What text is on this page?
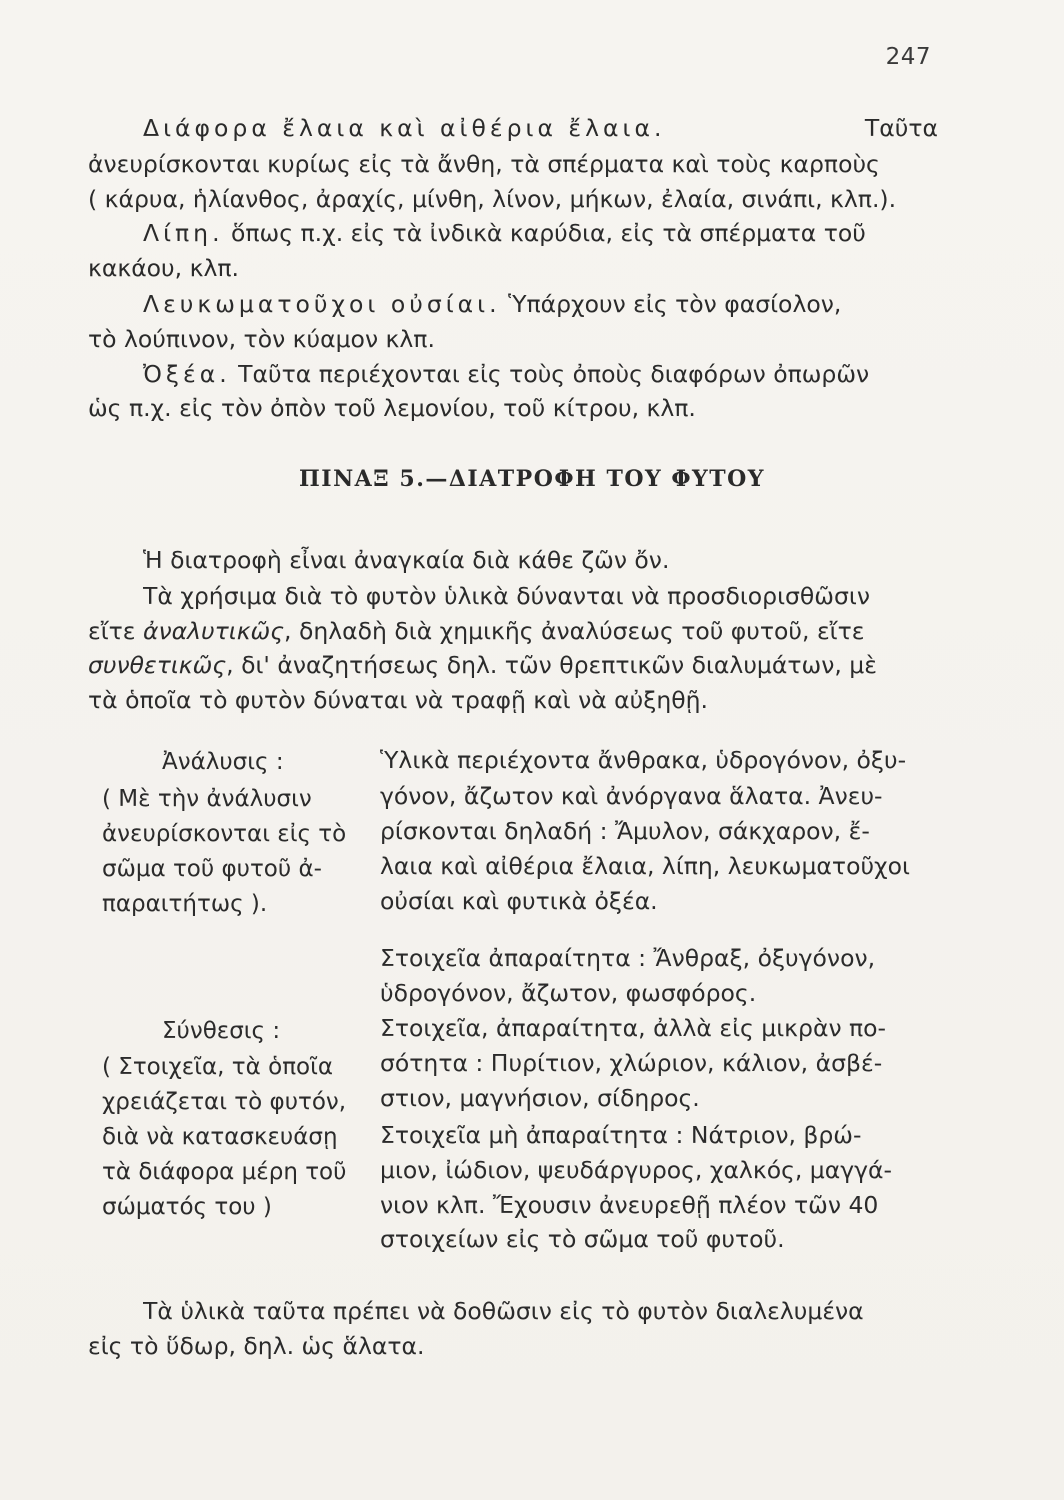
247
Διάφορα ἔλαια καὶ αἰθέρια ἔλαια.	Ταῦτα
ἀνευρίσκονται κυρίως εἰς τὰ ἄνθη, τὰ σπέρματα καὶ τοὺς καρποὺς
( κάρυα, ἡλίανθος, ἀραχίς, μίνθη, λίνον, μήκων, ἐλαία, σινάπι, κλπ.).
Λίπη. ὅπως π.χ. εἰς τὰ ἰνδικὰ καρύδια, εἰς τὰ σπέρματα τοῦ
κακάου, κλπ.
Λευκωματοῦχοι οὐσίαι. Ὑπάρχουν εἰς τὸν φασίολον,
τὸ λούπινον, τὸν κύαμον κλπ.
Ὀξέα. Ταῦτα περιέχονται εἰς τοὺς ὀποὺς διαφόρων ὀπωρῶν
ὡς π.χ. εἰς τὸν ὀπὸν τοῦ λεμονίου, τοῦ κίτρου, κλπ.
ΠΙΝΑΞ 5.—ΔΙΑΤΡΟΦΗ ΤΟΥ ΦΥΤΟΥ
Ἡ διατροφὴ εἶναι ἀναγκαία διὰ κάθε ζῶν ὄν.
Τὰ χρήσιμα διὰ τὸ φυτὸν ὑλικὰ δύνανται νὰ προσδιορισθῶσιν
εἴτε ἀναλυτικῶς, δηλαδὴ διὰ χημικῆς ἀναλύσεως τοῦ φυτοῦ, εἴτε
συνθετικῶς, δι' ἀναζητήσεως δηλ. τῶν θρεπτικῶν διαλυμάτων, μὲ
τὰ ὁποῖα τὸ φυτὸν δύναται νὰ τραφῇ καὶ νὰ αὐξηθῇ.
Ἀνάλυσις :
( Μὲ τὴν ἀνάλυσιν
ἀνευρίσκονται εἰς τὸ
σῶμα τοῦ φυτοῦ ἀ-
παραιτήτως ).
Ὑλικὰ περιέχοντα ἄνθρακα, ὑδρογόνον, ὀξυ-
γόνον, ἄζωτον καὶ ἀνόργανα ἅλατα. Ἀνευ-
ρίσκονται δηλαδή : Ἄμυλον, σάκχαρον, ἔ-
λαια καὶ αἰθέρια ἔλαια, λίπη, λευκωματοῦχοι
οὐσίαι καὶ φυτικὰ ὀξέα.
Στοιχεῖα ἀπαραίτητα : Ἄνθραξ, ὀξυγόνον,
ὑδρογόνον, ἄζωτον, φωσφόρος.
Στοιχεῖα, ἀπαραίτητα, ἀλλὰ εἰς μικρὰν πο-
σότητα : Πυρίτιον, χλώριον, κάλιον, ἀσβέ-
στιον, μαγνήσιον, σίδηρος.
Στοιχεῖα μὴ ἀπαραίτητα : Νάτριον, βρώ-
μιον, ἰώδιον, ψευδάργυρος, χαλκός, μαγγά-
νιον κλπ. Ἔχουσιν ἀνευρεθῇ πλέον τῶν 40
στοιχείων εἰς τὸ σῶμα τοῦ φυτοῦ.
Σύνθεσις :
( Στοιχεῖα, τὰ ὁποῖα
χρειάζεται τὸ φυτόν,
διὰ νὰ κατασκευάσῃ
τὰ διάφορα μέρη τοῦ
σώματός του )
Τὰ ὑλικὰ ταῦτα πρέπει νὰ δοθῶσιν εἰς τὸ φυτὸν διαλελυμένα
εἰς τὸ ὕδωρ, δηλ. ὡς ἅλατα.
